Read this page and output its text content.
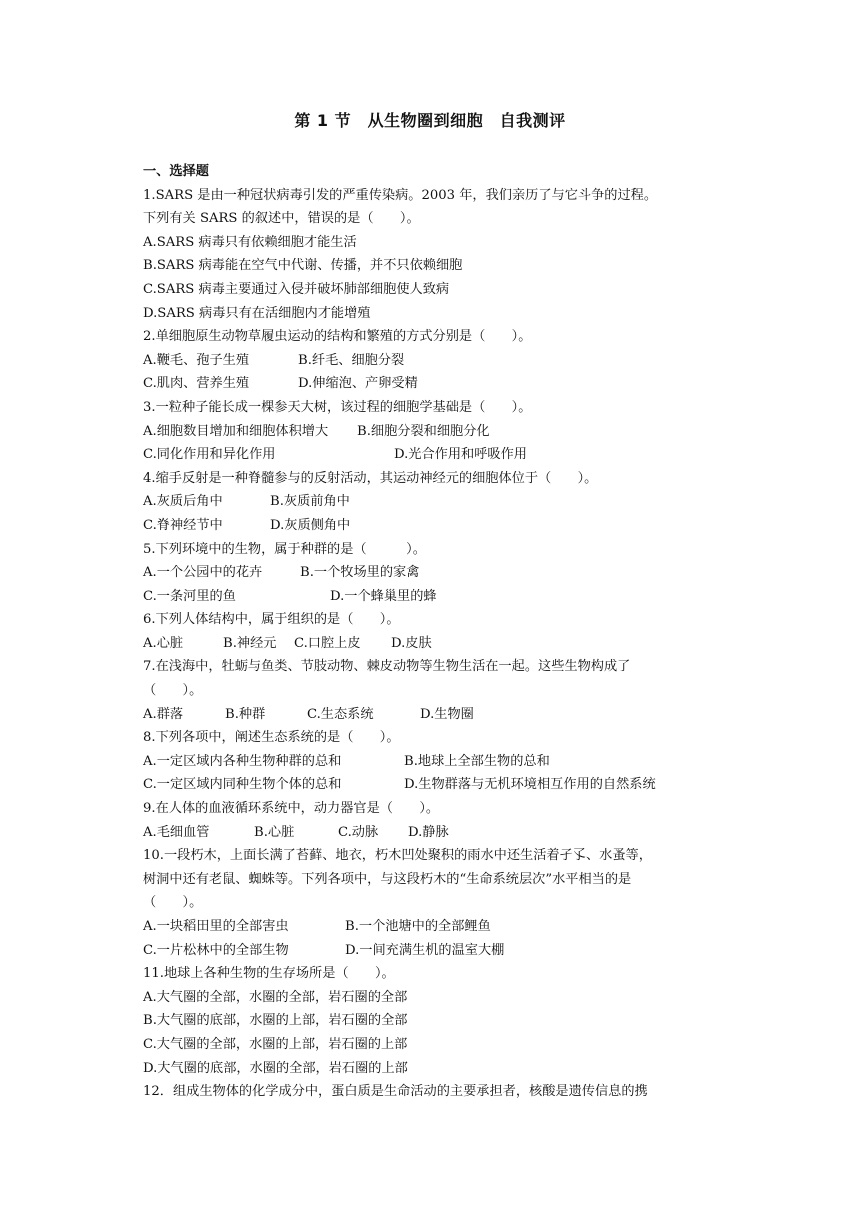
第 1 节　从生物圈到细胞　自我测评
一、选择题
1.SARS 是由一种冠状病毒引发的严重传染病。2003 年，我们亲历了与它斗争的过程。
下列有关 SARS 的叙述中，错误的是（　　）。
A.SARS 病毒只有依赖细胞才能生活
B.SARS 病毒能在空气中代谢、传播，并不只依赖细胞
C.SARS 病毒主要通过入侵并破坏肺部细胞使人致病
D.SARS 病毒只有在活细胞内才能增殖
2.单细胞原生动物草履虫运动的结构和繁殖的方式分别是（　　）。
A.鞭毛、孢子生殖	B.纤毛、细胞分裂
C.肌肉、营养生殖	D.伸缩泡、产卵受精
3.一粒种子能长成一棵参天大树，该过程的细胞学基础是（　　）。
A.细胞数目增加和细胞体积增大	B.细胞分裂和细胞分化
C.同化作用和异化作用	D.光合作用和呼吸作用
4.缩手反射是一种脊髓参与的反射活动，其运动神经元的细胞体位于（　　）。
A.灰质后角中	B.灰质前角中
C.脊神经节中	D.灰质侧角中
5.下列环境中的生物，属于种群的是（　　　）。
A.一个公园中的花卉	B.一个牧场里的家禽
C.一条河里的鱼	D.一个蜂巢里的蜂
6.下列人体结构中，属于组织的是（　　）。
A.心脏	B.神经元	C.口腔上皮	D.皮肤
7.在浅海中，牡蛎与鱼类、节肢动物、棘皮动物等生物生活在一起。这些生物构成了
（　　）。
A.群落	B.种群	C.生态系统	D.生物圈
8.下列各项中，阐述生态系统的是（　　）。
A.一定区域内各种生物种群的总和	B.地球上全部生物的总和
C.一定区域内同种生物个体的总和	D.生物群落与无机环境相互作用的自然系统
9.在人体的血液循环系统中，动力器官是（　　）。
A.毛细血管	B.心脏	C.动脉	D.静脉
10.一段朽木，上面长满了苔藓、地衣，朽木凹处聚积的雨水中还生活着孑孓、水蚤等，
树洞中还有老鼠、蜘蛛等。下列各项中，与这段朽木的“生命系统层次”水平相当的是
（　　）。
A.一块稻田里的全部害虫	B.一个池塘中的全部鲤鱼
C.一片松林中的全部生物	D.一间充满生机的温室大棚
11.地球上各种生物的生存场所是（　　）。
A.大气圈的全部，水圈的全部，岩石圈的全部
B.大气圈的底部，水圈的上部，岩石圈的全部
C.大气圈的全部，水圈的上部，岩石圈的上部
D.大气圈的底部，水圈的全部，岩石圈的上部
12．组成生物体的化学成分中，蛋白质是生命活动的主要承担者，核酸是遗传信息的携
